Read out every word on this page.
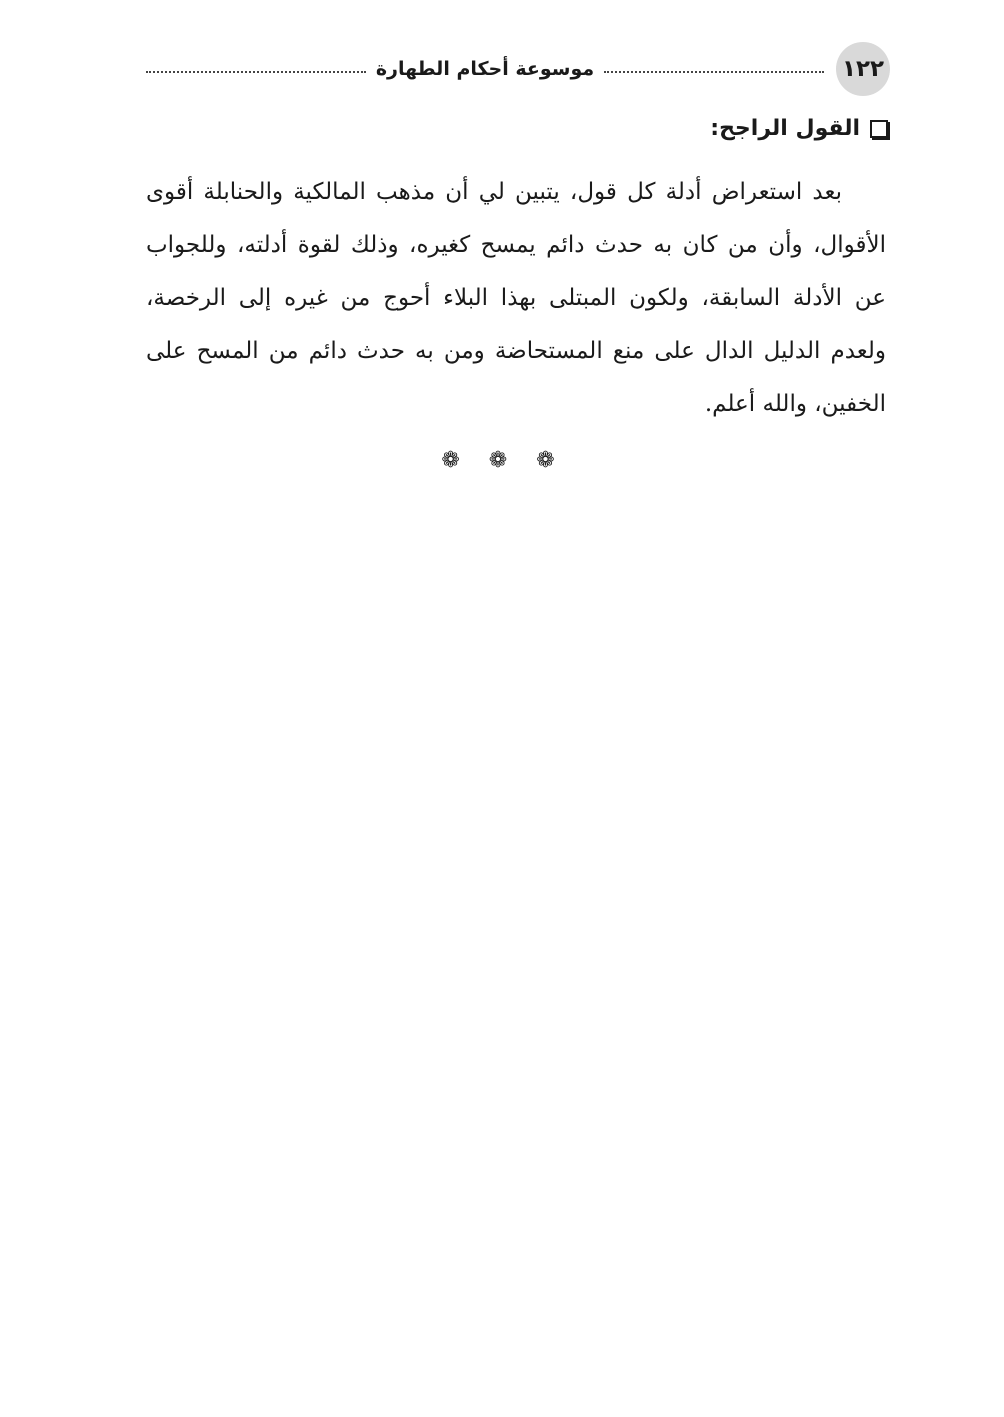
١٢٢
موسوعة أحكام الطهارة
القول الراجح:

بعد استعراض أدلة كل قول، يتبين لي أن مذهب المالكية والحنابلة أقوى الأقوال، وأن من كان به حدث دائم يمسح كغيره، وذلك لقوة أدلته، وللجواب عن الأدلة السابقة، ولكون المبتلى بهذا البلاء أحوج من غيره إلى الرخصة، ولعدم الدليل الدال على منع المستحاضة ومن به حدث دائم من المسح على الخفين، والله أعلم.

❁ ❁ ❁
